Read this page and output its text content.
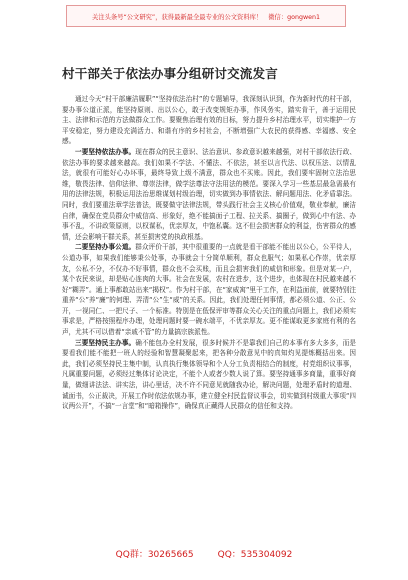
关注头条号“公文研究”，获得最新最全最专业的公文资料库！ 微信：gongwen1
村干部关于依法办事分组研讨交流发言

通过今天“村干部廉洁履职”“坚持依法治村”的专题辅导，我深刻认识到，作为新时代的村干部，要办事公道正派，能坚持原则、出以公心，敢于改变规矩办事，作风务实，踏实肯干，善于运用民主、法律和示范的方法做群众工作。要聚焦治理有效的目标，努力提升乡村治理水平，切实维护一方平安稳定，努力建设充满活力、和谐有序的乡村社会，不断增强广大农民的获得感、幸福感、安全感。

一要坚持依法办事。现在群众的民主意识、法治意识、参政意识越来越强，对村干部依法行政、依法办事的要求越来越高。我们如果不学法、不懂法、不依法，甚至以言代法、以权压法、以情乱法，就很有可能好心办坏事，最终导致上级不满意，群众也不买账。因此，我们要牢固树立法治思维，敬畏法律、信仰法律、尊崇法律，做学法尊法守法用法的模范。要深入学习一些基层最急需最有用的法律法规，积极运用法治思维谋划村级治理，切实做到办事情依法、解问题用法、化矛盾靠法。同时，我们要重法章学法普法，既要做守法律法规，带头践行社会主义核心价值观，敬业奉献，廉洁自律，确保在党员群众中威信高、形象好，绝不能搞面子工程、拉关系、搞圈子，做到心中有法、办事不乱，不讲政策原则，以权谋私，优亲厚友，中饱私囊。这不但会损害群众的利益，伤害群众的感情，还会影响干群关系，甚至损害党的执政根基。

二要坚持办事公道。群众评价干部，其中很重要的一点就是看干部能不能出以公心，公平待人，公道办事，如果我们能够秉公处事，办事就会十分简单顺利，群众也服气；如果私心作崇，优亲厚友，公私不分，不仅办不好事情，群众也不会买账，而且会损害我们的威信和形象。但是对某一户，某个农民来说，却是贴心连肉的大事。社会在发展，农村在进步，这个进步，也体现在村民越来越不好“糊弄”。通上事都敢站出来“揭权”。作为村干部，在“家威寓”里干工作，在利益面前，就要特别注重养“公”养“廉”的何理、弄清“公”生“威”的关系。因此，我们处理任何事情，都必须公道、公正、公开，一视同仁、一把尺子、一个标准。特别是在低保评审等群众关心关注的重点问题上，我们必须实事求是，严格按照程序办理，处理问题时要一碗水端平，不优亲厚友。更不能谋取更多家庭有利的名声，尤其不可以借着“亲戚不管”的力量搞宗族派性。

三要坚持民主办事。确不能包办全村发展，很多时候并不是靠我们自己的本事有多大多多，而是要看我们能不能把一班人的经验和智慧凝聚起来，把各种分散意见中的真知灼见提炼概括出来。因此，我们必须坚持民主集中制，认真执行集体领导和个人分工负责相结合的制度，村党组织议事事，凡属重要问题，必须经过集体讨论决定，不能个人或者少数人说了算。要坚持通事多商量，重事好商量，做细讲法法、讲实法，讲心里话，决不许不同意见就随我办论，解决问题，处理矛盾时的道理、诚面书，公正裁决，开展工作时依法依规办事，建立健全村民监督议事会，切实做到村级重大事项“四议两公开”，不搞“一言堂”和“暗箱操作”，确保真正藏得人民群众的信任和支持。

QQ群：30265665	QQ：535304092
